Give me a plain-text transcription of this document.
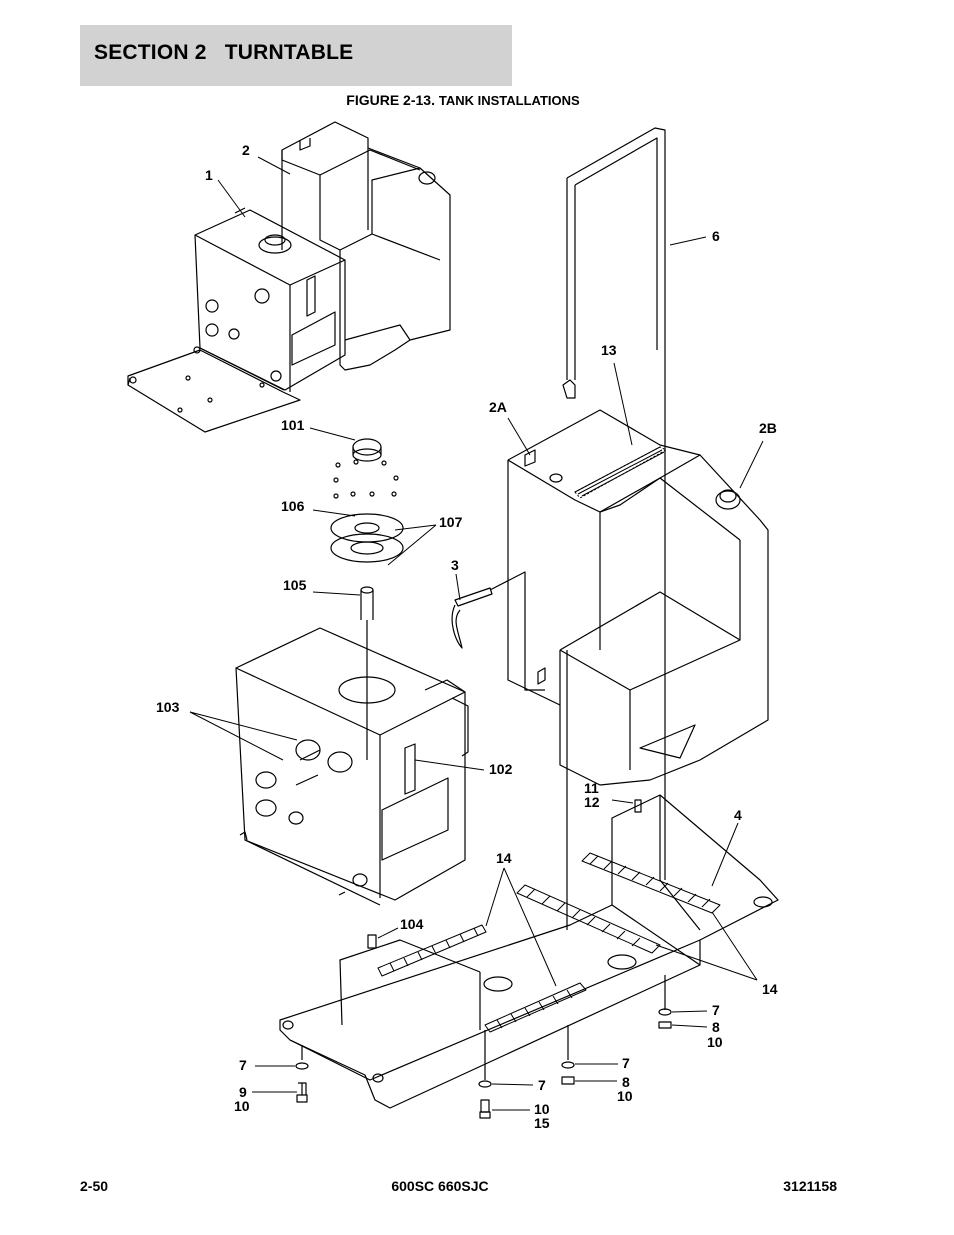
SECTION 2 TURNTABLE
FIGURE 2-13. TANK INSTALLATIONS
2
1
6
13
2A
2B
101
106
107
3
105
103
102
11
12
4
14
104
14
7
8
10
7
9
10
7
10
15
7
8
10
2-50	600SC 660SJC	3121158
